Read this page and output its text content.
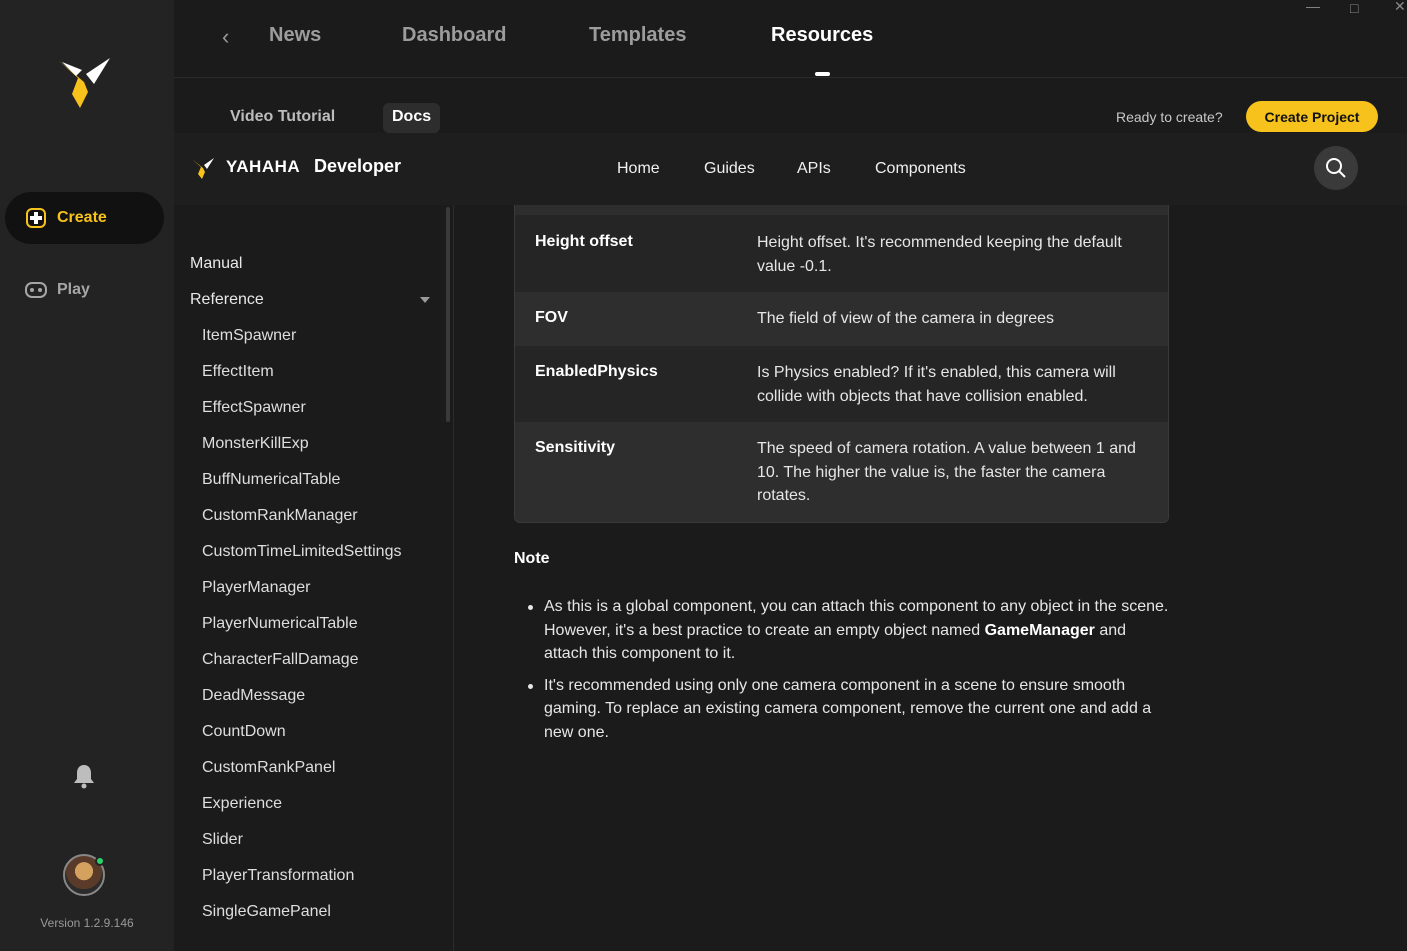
Create
Play
Version 1.2.9.146
‹ News	Dashboard	Templates	Resources
— □	✕
Video Tutorial	Docs	Ready to create?	Create Project
YAHAHA Developer	Home	Guides	APIs	Components
Manual
Reference
ItemSpawner
EffectItem
EffectSpawner
MonsterKillExp
BuffNumericalTable
CustomRankManager
CustomTimeLimitedSettings
PlayerManager
PlayerNumericalTable
CharacterFallDamage
DeadMessage
CountDown
CustomRankPanel
Experience
Slider
PlayerTransformation
SingleGamePanel
Height offset	Height offset. It's recommended keeping the default value -0.1.
FOV	The field of view of the camera in degrees
EnabledPhysics	Is Physics enabled? If it's enabled, this camera will collide with objects that have collision enabled.
Sensitivity	The speed of camera rotation. A value between 1 and 10. The higher the value is, the faster the camera rotates.
Note
As this is a global component, you can attach this component to any object in the scene. However, it's a best practice to create an empty object named GameManager and attach this component to it.
It's recommended using only one camera component in a scene to ensure smooth gaming. To replace an existing camera component, remove the current one and add a new one.
